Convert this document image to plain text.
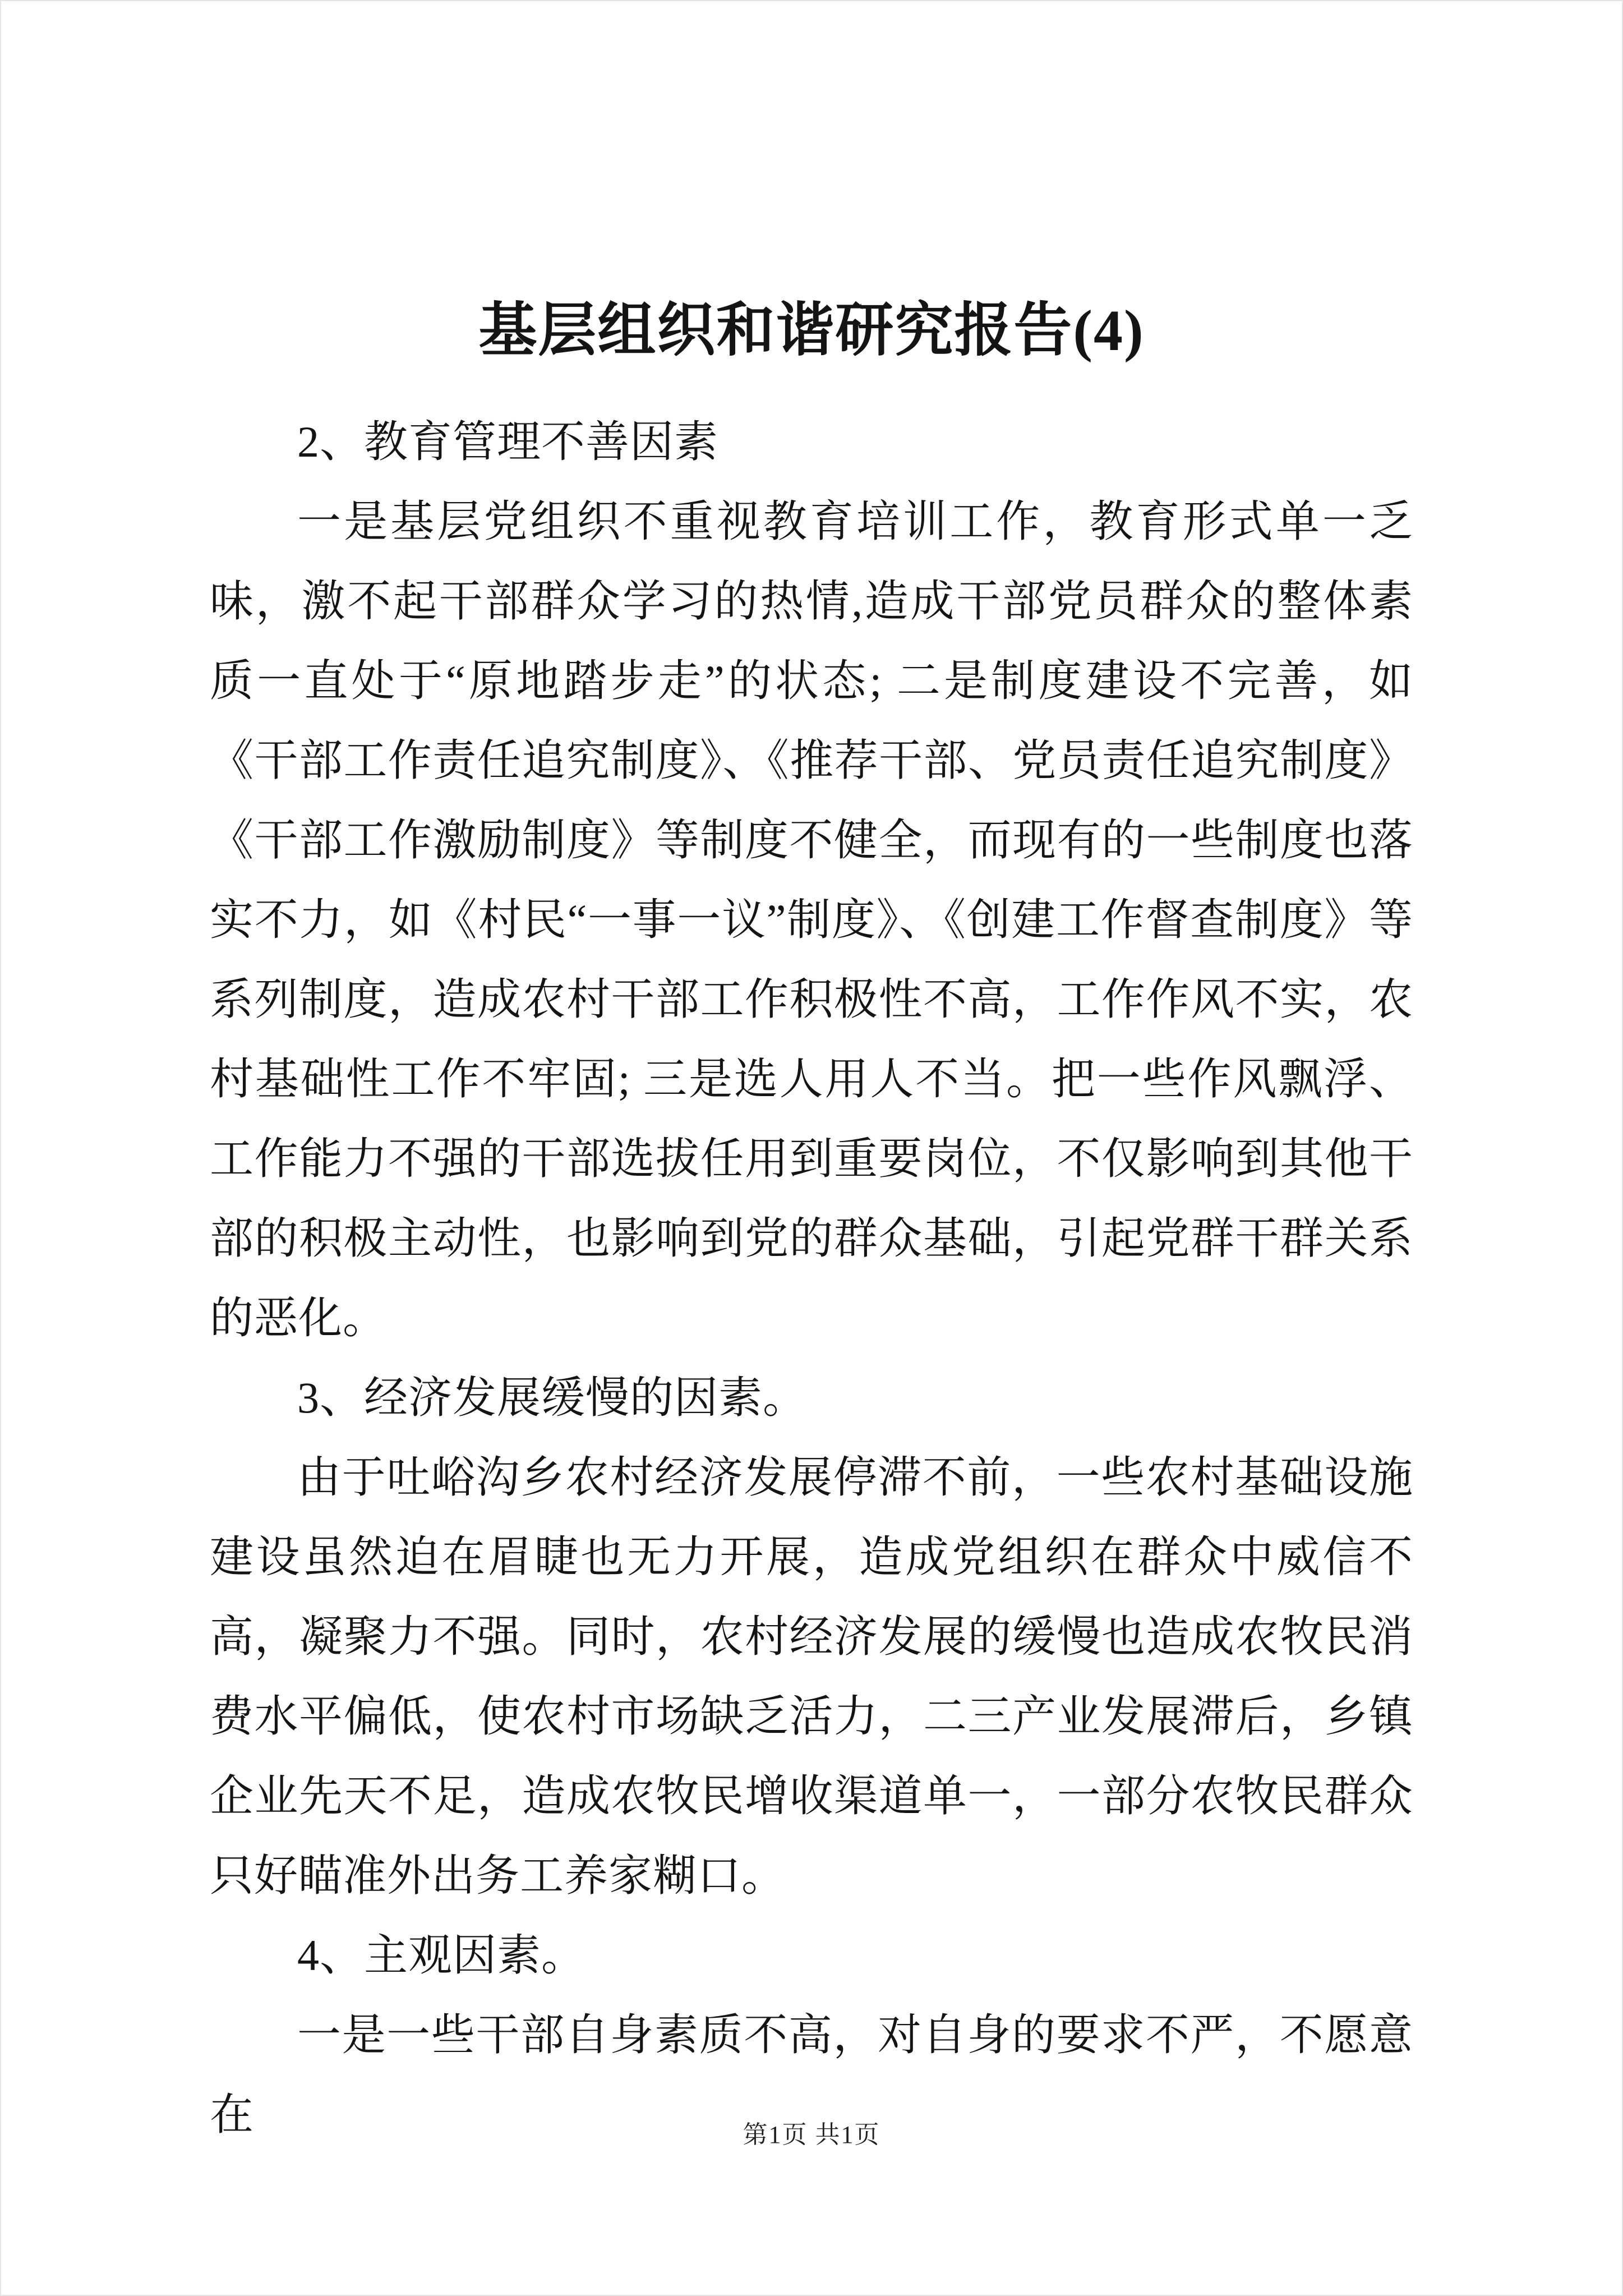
基层组织和谐研究报告(4)

2、教育管理不善因素

一是基层党组织不重视教育培训工作，教育形式单一乏味，激不起干部群众学习的热情,造成干部党员群众的整体素质一直处于“原地踏步走”的状态; 二是制度建设不完善，如《干部工作责任追究制度》、《推荐干部、党员责任追究制度》《干部工作激励制度》等制度不健全，而现有的一些制度也落实不力，如《村民“一事一议”制度》、《创建工作督查制度》等系列制度，造成农村干部工作积极性不高，工作作风不实，农村基础性工作不牢固; 三是选人用人不当。把一些作风飘浮、工作能力不强的干部选拔任用到重要岗位，不仅影响到其他干部的积极主动性，也影响到党的群众基础，引起党群干群关系的恶化。

3、经济发展缓慢的因素。

由于吐峪沟乡农村经济发展停滞不前，一些农村基础设施建设虽然迫在眉睫也无力开展，造成党组织在群众中威信不高，凝聚力不强。同时，农村经济发展的缓慢也造成农牧民消费水平偏低，使农村市场缺乏活力，二三产业发展滞后，乡镇企业先天不足，造成农牧民增收渠道单一，一部分农牧民群众只好瞄准外出务工养家糊口。

4、主观因素。

一是一些干部自身素质不高，对自身的要求不严，不愿意在	第1页 共1页
